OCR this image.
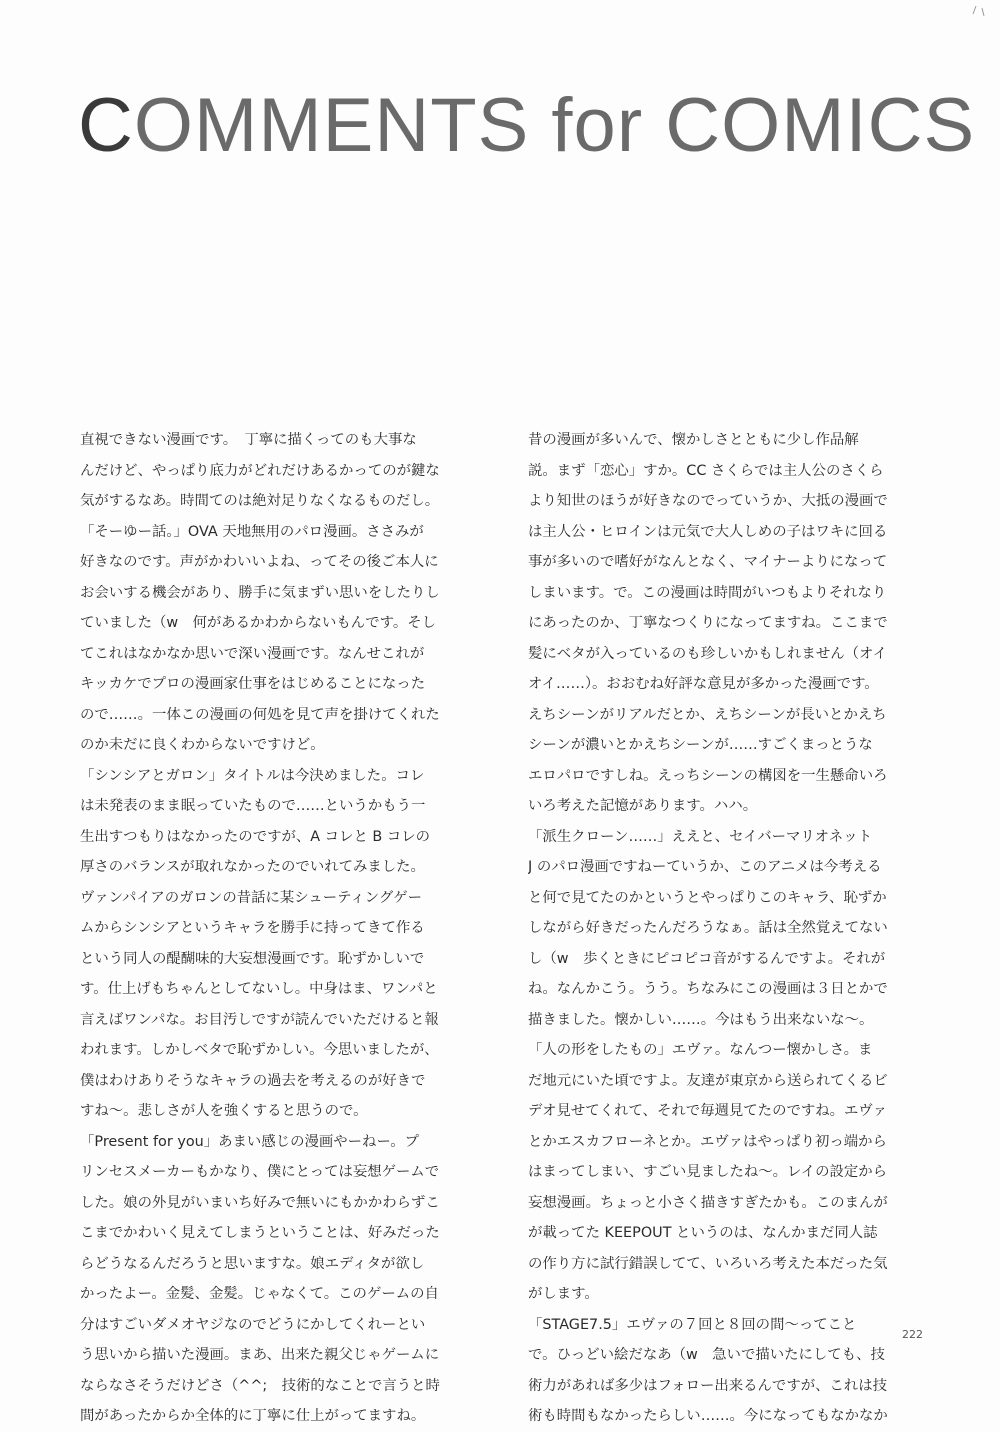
COMMENTS for COMICS

直視できない漫画です。　丁寧に描くってのも大事な
んだけど、やっぱり底力がどれだけあるかってのが鍵な
気がするなあ。時間てのは絶対足りなくなるものだし。
「そーゆー話。」OVA 天地無用のパロ漫画。ささみが
好きなのです。声がかわいいよね、ってその後ご本人に
お会いする機会があり、勝手に気まずい思いをしたりし
ていました（w　何があるかわからないもんです。そし
てこれはなかなか思いで深い漫画です。なんせこれが
キッカケでプロの漫画家仕事をはじめることになった
ので……。一体この漫画の何処を見て声を掛けてくれた
のか未だに良くわからないですけど。
「シンシアとガロン」タイトルは今決めました。コレ
は未発表のまま眠っていたもので……というかもう一
生出すつもりはなかったのですが、A コレと B コレの
厚さのバランスが取れなかったのでいれてみました。
ヴァンパイアのガロンの昔話に某シューティングゲー
ムからシンシアというキャラを勝手に持ってきて作る
という同人の醍醐味的大妄想漫画です。恥ずかしいで
す。仕上げもちゃんとしてないし。中身はま、ワンパと
言えばワンパな。お目汚しですが読んでいただけると報
われます。しかしベタで恥ずかしい。今思いましたが、
僕はわけありそうなキャラの過去を考えるのが好きで
すね～。悲しさが人を強くすると思うので。
「Present for you」あまい感じの漫画やーねー。プ
リンセスメーカーもかなり、僕にとっては妄想ゲームで
した。娘の外見がいまいち好みで無いにもかかわらずこ
こまでかわいく見えてしまうということは、好みだった
らどうなるんだろうと思いますな。娘エディタが欲し
かったよー。金髪、金髪。じゃなくて。このゲームの自
分はすごいダメオヤジなのでどうにかしてくれーとい
う思いから描いた漫画。まあ、出来た親父じゃゲームに
ならなさそうだけどさ（^^;　技術的なことで言うと時
間があったからか全体的に丁寧に仕上がってますね。

昔の漫画が多いんで、懐かしさとともに少し作品解
説。まず「恋心」すか。CC さくらでは主人公のさくら
より知世のほうが好きなのでっていうか、大抵の漫画で
は主人公・ヒロインは元気で大人しめの子はワキに回る
事が多いので嗜好がなんとなく、マイナーよりになって
しまいます。で。この漫画は時間がいつもよりそれなり
にあったのか、丁寧なつくりになってますね。ここまで
髪にベタが入っているのも珍しいかもしれません（オイ
オイ……）。おおむね好評な意見が多かった漫画です。
えちシーンがリアルだとか、えちシーンが長いとかえち
シーンが濃いとかえちシーンが……すごくまっとうな
エロパロですしね。えっちシーンの構図を一生懸命いろ
いろ考えた記憶があります。ハハ。
「派生クローン……」ええと、セイバーマリオネット
J のパロ漫画ですねーていうか、このアニメは今考える
と何で見てたのかというとやっぱりこのキャラ、恥ずか
しながら好きだったんだろうなぁ。話は全然覚えてない
し（w　歩くときにピコピコ音がするんですよ。それが
ね。なんかこう。うう。ちなみにこの漫画は３日とかで
描きました。懐かしい……。今はもう出来ないな～。
「人の形をしたもの」エヴァ。なんつー懐かしさ。ま
だ地元にいた頃ですよ。友達が東京から送られてくるビ
デオ見せてくれて、それで毎週見てたのですね。エヴァ
とかエスカフローネとか。エヴァはやっぱり初っ端から
はまってしまい、すごい見ましたね～。レイの設定から
妄想漫画。ちょっと小さく描きすぎたかも。このまんが
が載ってた KEEPOUT というのは、なんかまだ同人誌
の作り方に試行錯誤してて、いろいろ考えた本だった気
がします。
「STAGE7.5」エヴァの７回と８回の間～ってこと
で。ひっどい絵だなあ（w　急いで描いたにしても、技
術力があれば多少はフォロー出来るんですが、これは技
術も時間もなかったらしい……。今になってもなかなか

222
